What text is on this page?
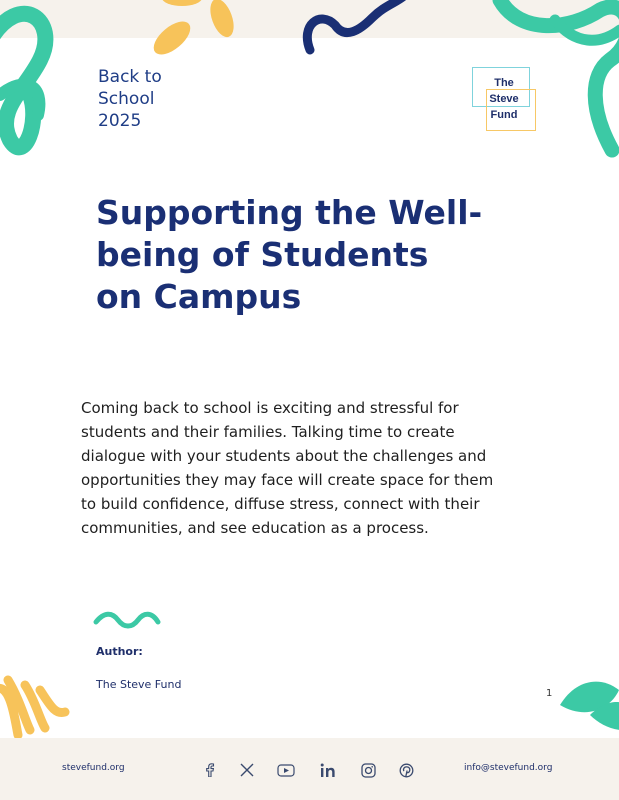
Back to
School
2025
The
Steve
Fund
Supporting the Well-
being of Students
on Campus

Coming back to school is exciting and stressful for
students and their families. Talking time to create
dialogue with your students about the challenges and
opportunities they may face will create space for them
to build confidence, diffuse stress, connect with their
communities, and see education as a process.

Author:
The Steve Fund
1
stevefund.org	info@stevefund.org
